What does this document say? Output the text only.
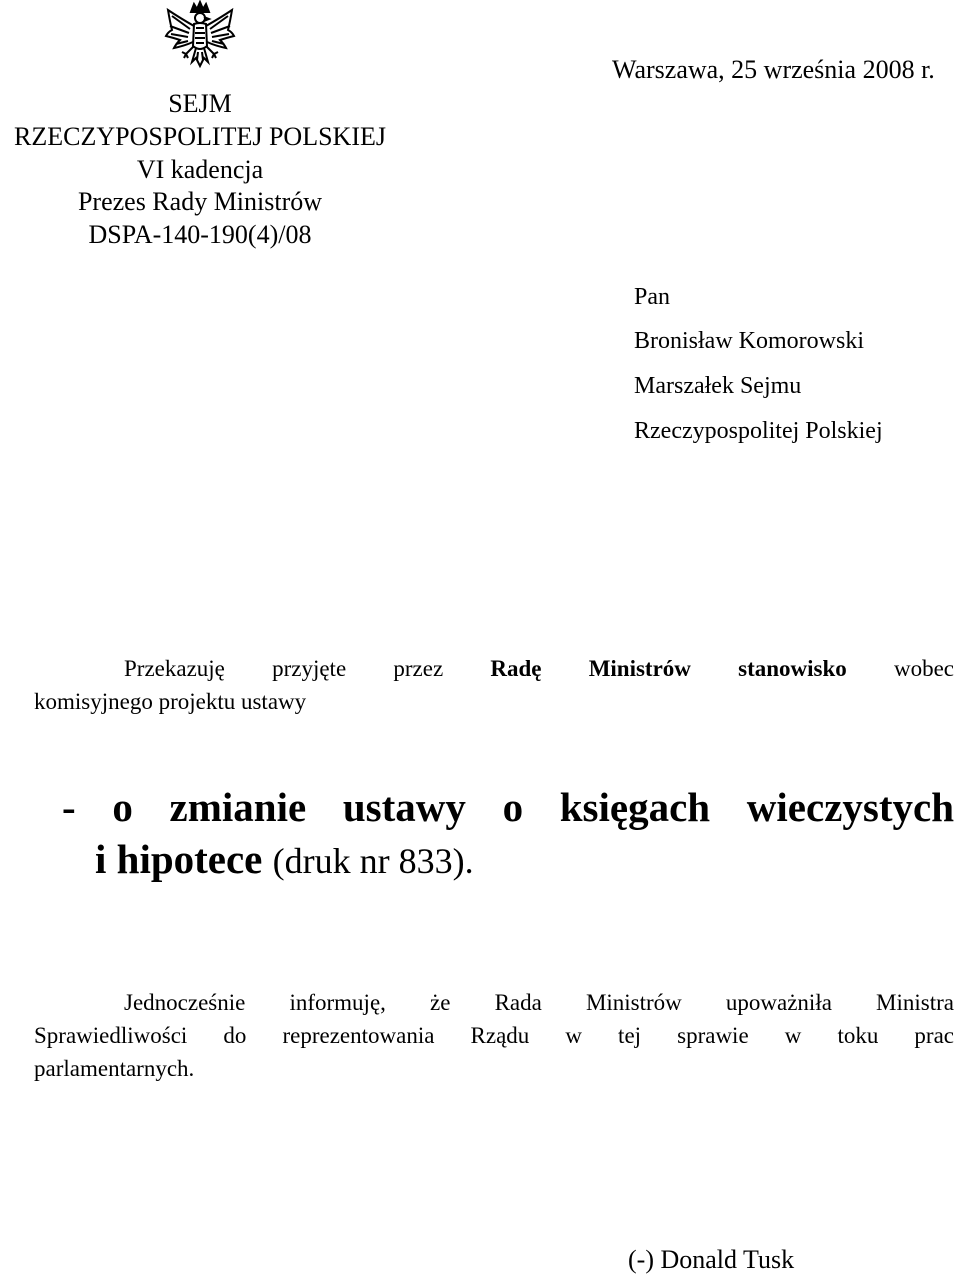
SEJM
RZECZYPOSPOLITEJ POLSKIEJ
VI kadencja
Prezes Rady Ministrów
DSPA-140-190(4)/08
Warszawa, 25 września 2008 r.
Pan
Bronisław Komorowski
Marszałek Sejmu
Rzeczypospolitej Polskiej
Przekazuję przyjęte przez Radę Ministrów stanowisko wobec
komisyjnego projektu ustawy
- o zmianie ustawy o księgach wieczystych
i hipotece (druk nr 833).
Jednocześnie informuję, że Rada Ministrów upoważniła Ministra
Sprawiedliwości do reprezentowania Rządu w tej sprawie w toku prac
parlamentarnych.
(-) Donald Tusk
